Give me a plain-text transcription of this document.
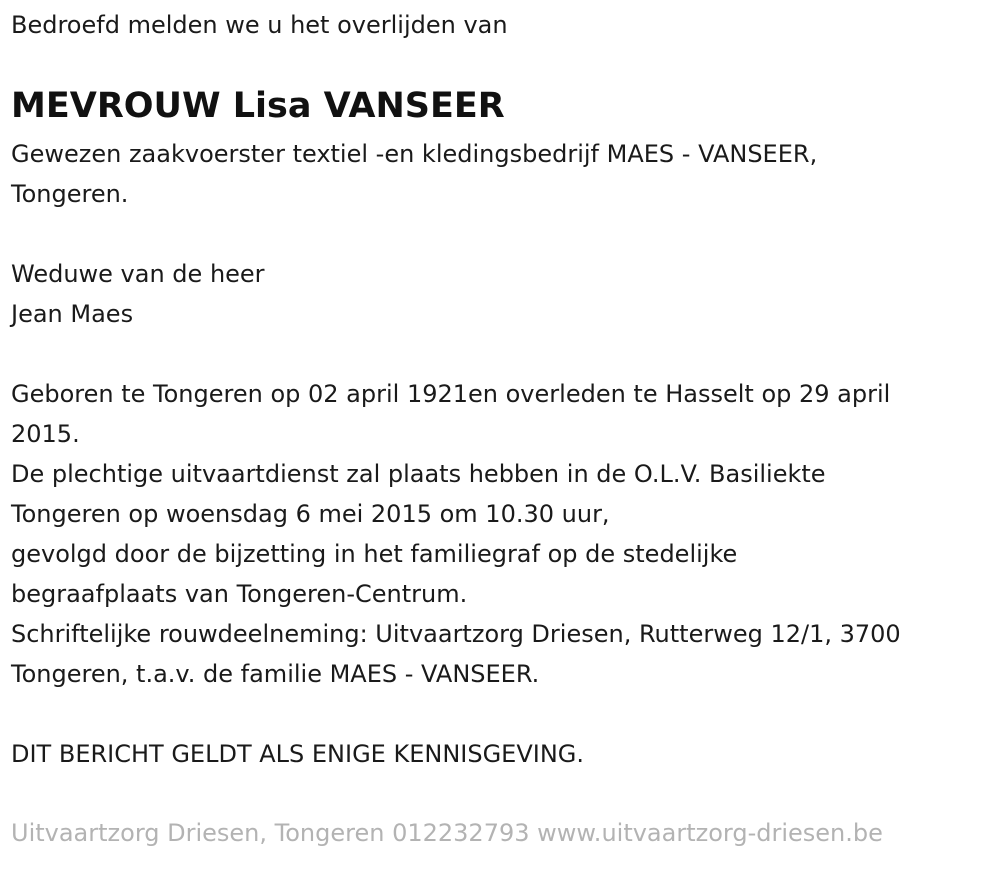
Bedroefd melden we u het overlijden van
MEVROUW Lisa VANSEER
Gewezen zaakvoerster textiel -en kledingsbedrijf MAES - VANSEER,
Tongeren.
Weduwe van de heer
Jean Maes
Geboren te Tongeren op 02 april 1921en overleden te Hasselt op 29 april
2015.
De plechtige uitvaartdienst zal plaats hebben in de O.L.V. Basiliekte
Tongeren op woensdag 6 mei 2015 om 10.30 uur,
gevolgd door de bijzetting in het familiegraf op de stedelijke
begraafplaats van Tongeren-Centrum.
Schriftelijke rouwdeelneming: Uitvaartzorg Driesen, Rutterweg 12/1, 3700
Tongeren, t.a.v. de familie MAES - VANSEER.
DIT BERICHT GELDT ALS ENIGE KENNISGEVING.
Uitvaartzorg Driesen, Tongeren 012232793 www.uitvaartzorg-driesen.be
